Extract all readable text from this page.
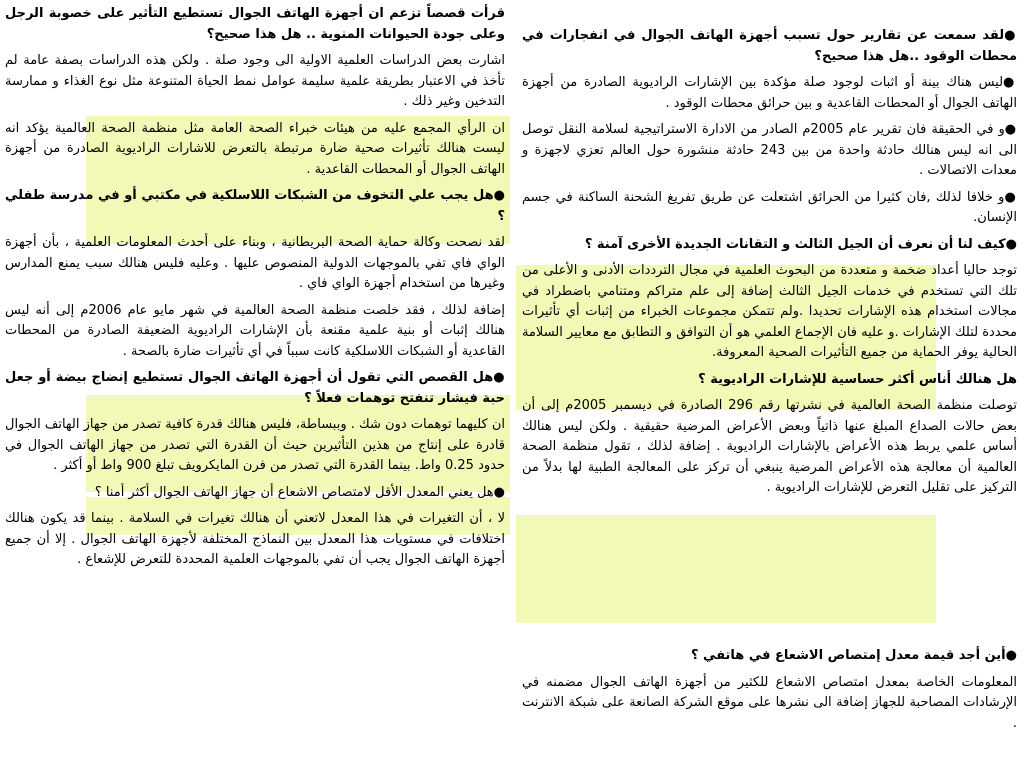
قرأت قصصاً تزعم ان أجهزة الهاتف الجوال تستطيع التأثير على خصوبة الرجل وعلى جودة الحيوانات المنوية .. هل هذا صحيح؟

اشارت بعض الدراسات العلمية الاولية الى وجود صلة . ولكن هذه الدراسات بصفة عامة لم تأخذ في الاعتبار بطريقة علمية سليمة عوامل نمط الحياة المتنوعة مثل نوع الغذاء و ممارسة التدخين وغير ذلك .

ان الرأي المجمع عليه من هيئات خبراء الصحة العامة مثل منظمة الصحة العالمية يؤكد انه ليست هنالك تأثيرات صحية ضارة مرتبطة بالتعرض للاشارات الراديوية الصادرة من أجهزة الهاتف الجوال أو المحطات القاعدية .

●هل يجب علي التخوف من الشبكات اللاسلكية في مكتبي أو في مدرسة طفلي ؟

لقد نصحت وكالة حماية الصحة البريطانية ، وبناء على أحدث المعلومات العلمية ، بأن أجهزة الواي فاي تفي بالموجهات الدولية المنصوص عليها . وعليه فليس هنالك سبب يمنع المدارس وغيرها من استخدام أجهزة الواي فاي .

إضافة لذلك ، فقد خلصت منظمة الصحة العالمية في شهر مايو عام 2006م إلى أنه ليس هنالك إثبات أو بنية علمية مقنعة بأن الإشارات الراديوية الضعيفة الصادرة من المحطات القاعدية أو الشبكات اللاسلكية كانت سبباً في أي تأثيرات ضارة بالصحة .

●هل القصص التي تقول أن أجهزة الهاتف الجوال تستطيع إنضاج بيضة أو جعل حبة فيشار تنفتح توهمات فعلاً ؟

ان كليهما توهمات دون شك . وببساطة، فليس هنالك قدرة كافية تصدر من جهاز الهاتف الجوال قادرة على إنتاج من هذين التأثيرين حيث أن القدرة التي تصدر من جهاز الهاتف الجوال في حدود 0.25 واط. بينما القدرة التي تصدر من فرن المايكرويف تبلغ 900 واط أو أكثر .

●هل يعني المعدل الأقل لامتصاص الاشعاع أن جهاز الهاتف الجوال أكثر أمنا ؟

لا ، أن التغيرات في هذا المعدل لاتعني أن هنالك تغيرات في السلامة . بينما قد يكون هنالك اختلافات في مستويات هذا المعدل بين النماذج المختلفة لأجهزة الهاتف الجوال . إلا أن جميع أجهزة الهاتف الجوال يجب أن تفي بالموجهات العلمية المحددة للتعرض للإشعاع .

●لقد سمعت عن تقارير حول تسبب أجهزة الهاتف الجوال في انفجارات في محطات الوقود ..هل هذا صحيح؟

●ليس هناك بينة أو اثبات لوجود صلة مؤكدة بين الإشارات الراديوية الصادرة من أجهزة الهاتف الجوال أو المحطات القاعدية و بين حرائق محطات الوقود .

●و في الحقيقة فان تقرير عام 2005م الصادر من الادارة الاستراتيجية لسلامة النقل توصل الى انه ليس هنالك حادثة واحدة من بين 243 حادثة منشورة حول العالم تعزي لاجهزة و معدات الاتصالات .

●و خلافا لذلك ,فان كثيرا من الحرائق اشتعلت عن طريق تفريغ الشحنة الساكنة في جسم الإنسان.

●كيف لنا أن نعرف أن الجيل الثالث و التقانات الجديدة الأخرى آمنة ؟

توجد حاليا أعداد ضخمة و متعددة من البحوث العلمية في مجال الترددات الأدنى و الأعلى من تلك التي تستخدم في خدمات الجيل الثالث إضافة إلى علم متراكم ومتنامي باضطراد في مجالات استخدام هذه الإشارات تحديدا .ولم تتمكن مجموعات الخبراء من إثبات أي تأثيرات محددة لتلك الإشارات .و عليه فان الإجماع العلمي هو أن التوافق و التطابق مع معايير السلامة الحالية يوفر الحماية من جميع التأثيرات الصحية المعروفة.

هل هنالك أناس أكثر حساسية للإشارات الراديوية ؟

توصلت منظمة الصحة العالمية في نشرتها رقم 296 الصادرة في ديسمبر 2005م إلى أن بعض حالات الصداع المبلغ عنها ذاتياً وبعض الأعراض المرضية حقيقية . ولكن ليس هنالك أساس علمي يربط هذه الأعراض بالإشارات الراديوية . إضافة لذلك ، تقول منظمة الصحة العالمية أن معالجة هذه الأعراض المرضية ينبغي أن تركز على المعالجة الطبية لها بدلاً من التركيز على تقليل التعرض للإشارات الراديوية .

●أين أجد قيمة معدل إمتصاص الاشعاع في هاتفي ؟

المعلومات الخاصة بمعدل امتصاص الاشعاع للكثير من أجهزة الهاتف الجوال مضمنه في الإرشادات المصاحبة للجهاز إضافة الى نشرها على موقع الشركة الصانعة على شبكة الانترنت .
